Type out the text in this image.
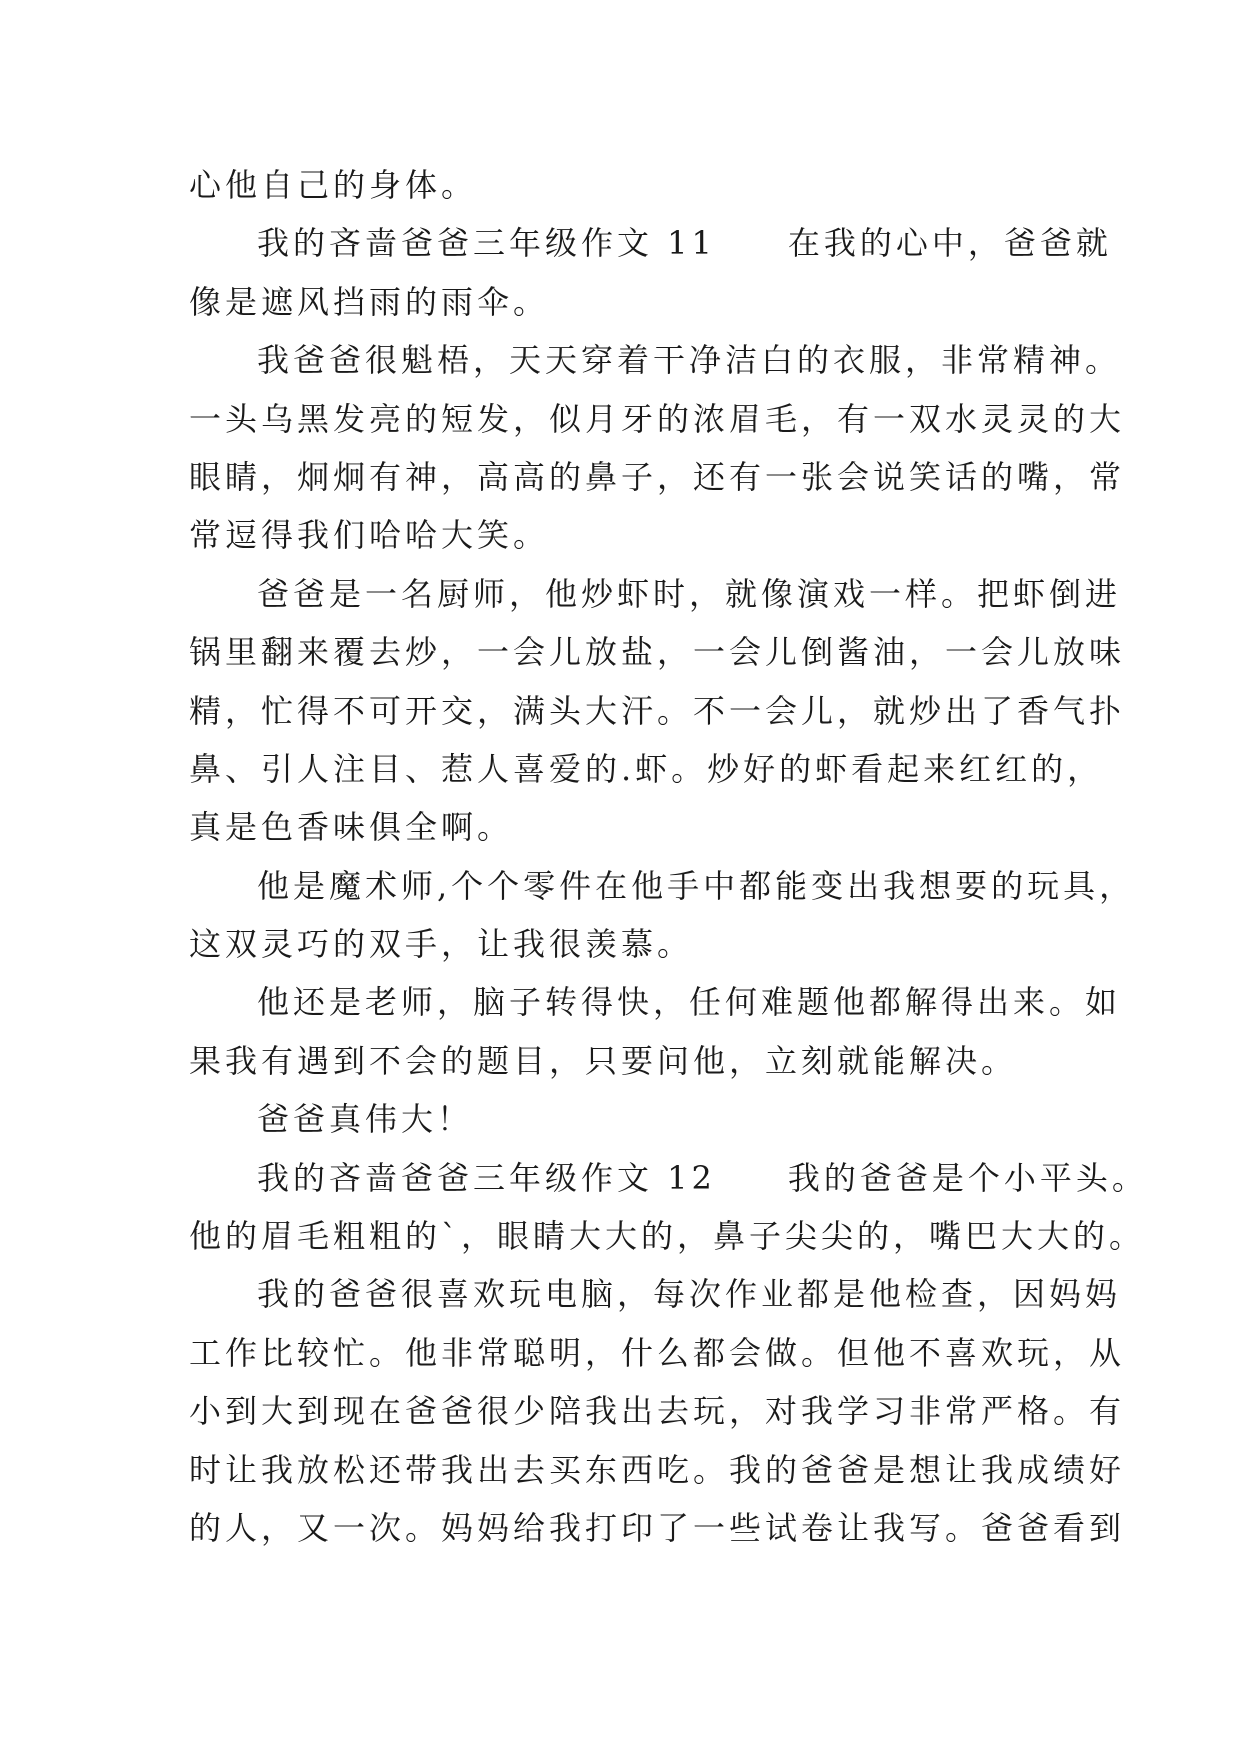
心他自己的身体。
我的吝啬爸爸三年级作文 11　　在我的心中，爸爸就
像是遮风挡雨的雨伞。
我爸爸很魁梧，天天穿着干净洁白的衣服，非常精神。
一头乌黑发亮的短发，似月牙的浓眉毛，有一双水灵灵的大
眼睛，炯炯有神，高高的鼻子，还有一张会说笑话的嘴，常
常逗得我们哈哈大笑。
爸爸是一名厨师，他炒虾时，就像演戏一样。把虾倒进
锅里翻来覆去炒，一会儿放盐，一会儿倒酱油，一会儿放味
精，忙得不可开交，满头大汗。不一会儿，就炒出了香气扑
鼻、引人注目、惹人喜爱的.虾。炒好的虾看起来红红的，
真是色香味俱全啊。
他是魔术师,个个零件在他手中都能变出我想要的玩具，
这双灵巧的双手，让我很羡慕。
他还是老师，脑子转得快，任何难题他都解得出来。如
果我有遇到不会的题目，只要问他，立刻就能解决。
爸爸真伟大！
我的吝啬爸爸三年级作文 12　　我的爸爸是个小平头。
他的眉毛粗粗的`，眼睛大大的，鼻子尖尖的，嘴巴大大的。
我的爸爸很喜欢玩电脑，每次作业都是他检查，因妈妈
工作比较忙。他非常聪明，什么都会做。但他不喜欢玩，从
小到大到现在爸爸很少陪我出去玩，对我学习非常严格。有
时让我放松还带我出去买东西吃。我的爸爸是想让我成绩好
的人，又一次。妈妈给我打印了一些试卷让我写。爸爸看到
